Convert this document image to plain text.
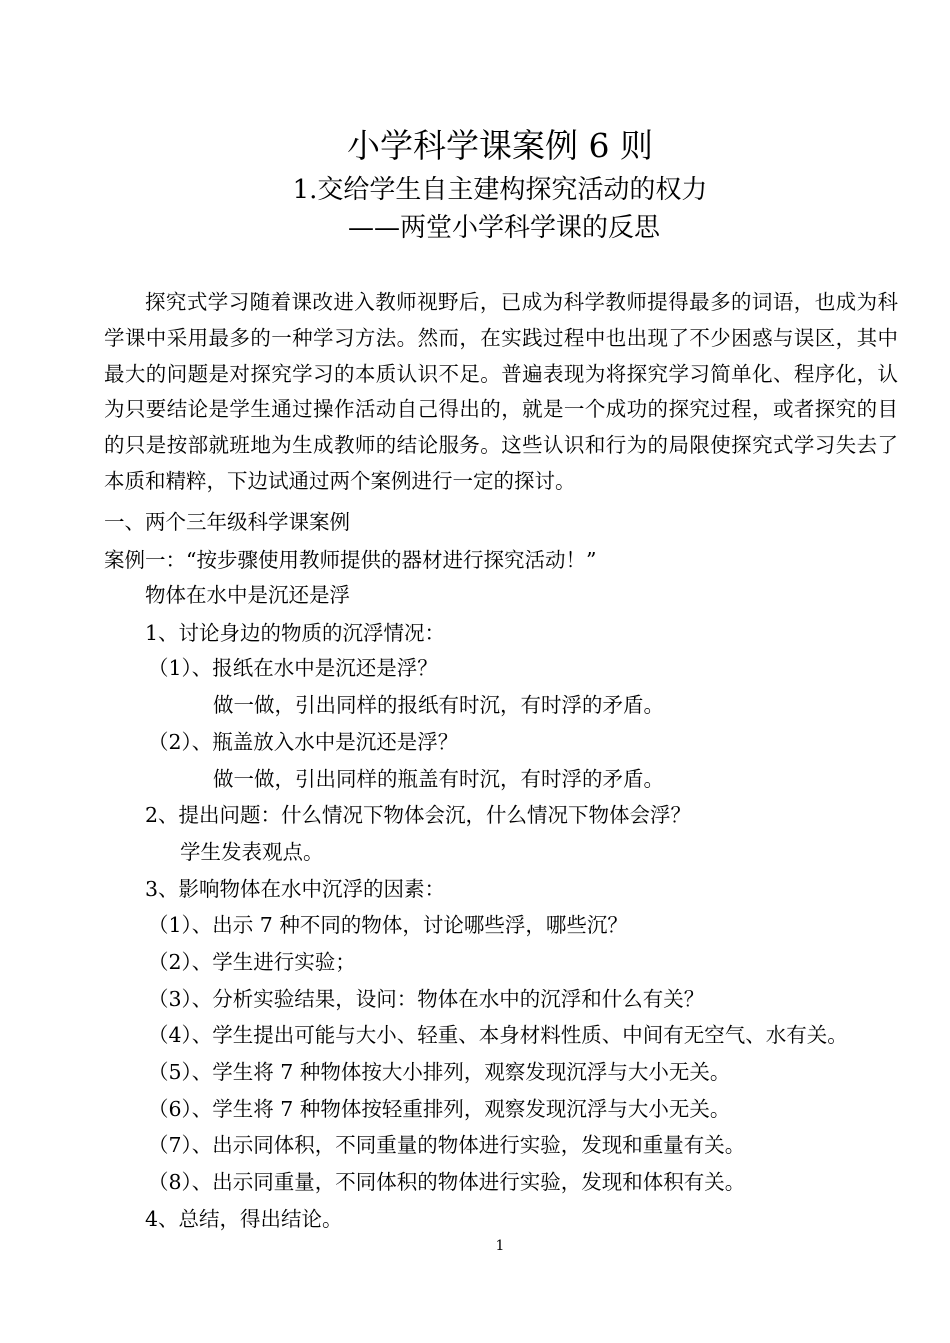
小学科学课案例 6 则
1.交给学生自主建构探究活动的权力
——两堂小学科学课的反思
探究式学习随着课改进入教师视野后，已成为科学教师提得最多的词语，也成为科学课中采用最多的一种学习方法。然而，在实践过程中也出现了不少困惑与误区，其中最大的问题是对探究学习的本质认识不足。普遍表现为将探究学习简单化、程序化，认为只要结论是学生通过操作活动自己得出的，就是一个成功的探究过程，或者探究的目的只是按部就班地为生成教师的结论服务。这些认识和行为的局限使探究式学习失去了本质和精粹，下边试通过两个案例进行一定的探讨。
一、两个三年级科学课案例
案例一：“按步骤使用教师提供的器材进行探究活动！”
物体在水中是沉还是浮
1、讨论身边的物质的沉浮情况：
（1）、报纸在水中是沉还是浮？
做一做，引出同样的报纸有时沉，有时浮的矛盾。
（2）、瓶盖放入水中是沉还是浮？
做一做，引出同样的瓶盖有时沉，有时浮的矛盾。
2、提出问题：什么情况下物体会沉，什么情况下物体会浮？
学生发表观点。
3、影响物体在水中沉浮的因素：
（1）、出示 7 种不同的物体，讨论哪些浮，哪些沉？
（2）、学生进行实验；
（3）、分析实验结果，设问：物体在水中的沉浮和什么有关？
（4）、学生提出可能与大小、轻重、本身材料性质、中间有无空气、水有关。
（5）、学生将 7 种物体按大小排列，观察发现沉浮与大小无关。
（6）、学生将 7 种物体按轻重排列，观察发现沉浮与大小无关。
（7）、出示同体积，不同重量的物体进行实验，发现和重量有关。
（8）、出示同重量，不同体积的物体进行实验，发现和体积有关。
4、总结，得出结论。
1
